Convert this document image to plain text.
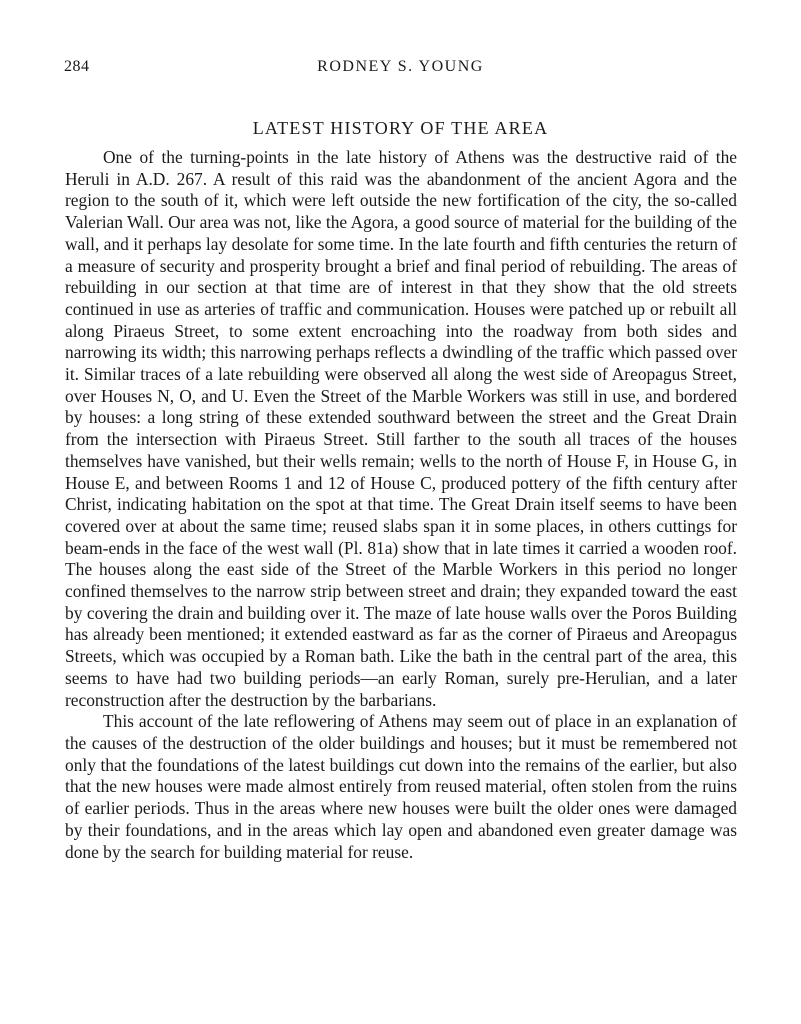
284	RODNEY S. YOUNG
LATEST HISTORY OF THE AREA

One of the turning-points in the late history of Athens was the destructive raid of the Heruli in A.D. 267. A result of this raid was the abandonment of the ancient Agora and the region to the south of it, which were left outside the new fortification of the city, the so-called Valerian Wall. Our area was not, like the Agora, a good source of material for the building of the wall, and it perhaps lay desolate for some time. In the late fourth and fifth centuries the return of a measure of security and prosperity brought a brief and final period of rebuilding. The areas of rebuilding in our section at that time are of interest in that they show that the old streets continued in use as arteries of traffic and communication. Houses were patched up or rebuilt all along Piraeus Street, to some extent encroaching into the roadway from both sides and narrowing its width; this narrowing perhaps reflects a dwindling of the traffic which passed over it. Similar traces of a late rebuilding were observed all along the west side of Areopagus Street, over Houses N, O, and U. Even the Street of the Marble Workers was still in use, and bordered by houses: a long string of these extended southward between the street and the Great Drain from the intersection with Piraeus Street. Still farther to the south all traces of the houses themselves have vanished, but their wells remain; wells to the north of House F, in House G, in House E, and between Rooms 1 and 12 of House C, produced pottery of the fifth century after Christ, indicating habitation on the spot at that time. The Great Drain itself seems to have been covered over at about the same time; reused slabs span it in some places, in others cuttings for beam-ends in the face of the west wall (Pl. 81a) show that in late times it carried a wooden roof. The houses along the east side of the Street of the Marble Workers in this period no longer confined themselves to the narrow strip between street and drain; they expanded toward the east by covering the drain and building over it. The maze of late house walls over the Poros Building has already been mentioned; it extended eastward as far as the corner of Piraeus and Areopagus Streets, which was occupied by a Roman bath. Like the bath in the central part of the area, this seems to have had two building periods—an early Roman, surely pre-Herulian, and a later reconstruction after the destruction by the barbarians.

This account of the late reflowering of Athens may seem out of place in an explanation of the causes of the destruction of the older buildings and houses; but it must be remembered not only that the foundations of the latest buildings cut down into the remains of the earlier, but also that the new houses were made almost entirely from reused material, often stolen from the ruins of earlier periods. Thus in the areas where new houses were built the older ones were damaged by their foundations, and in the areas which lay open and abandoned even greater damage was done by the search for building material for reuse.
